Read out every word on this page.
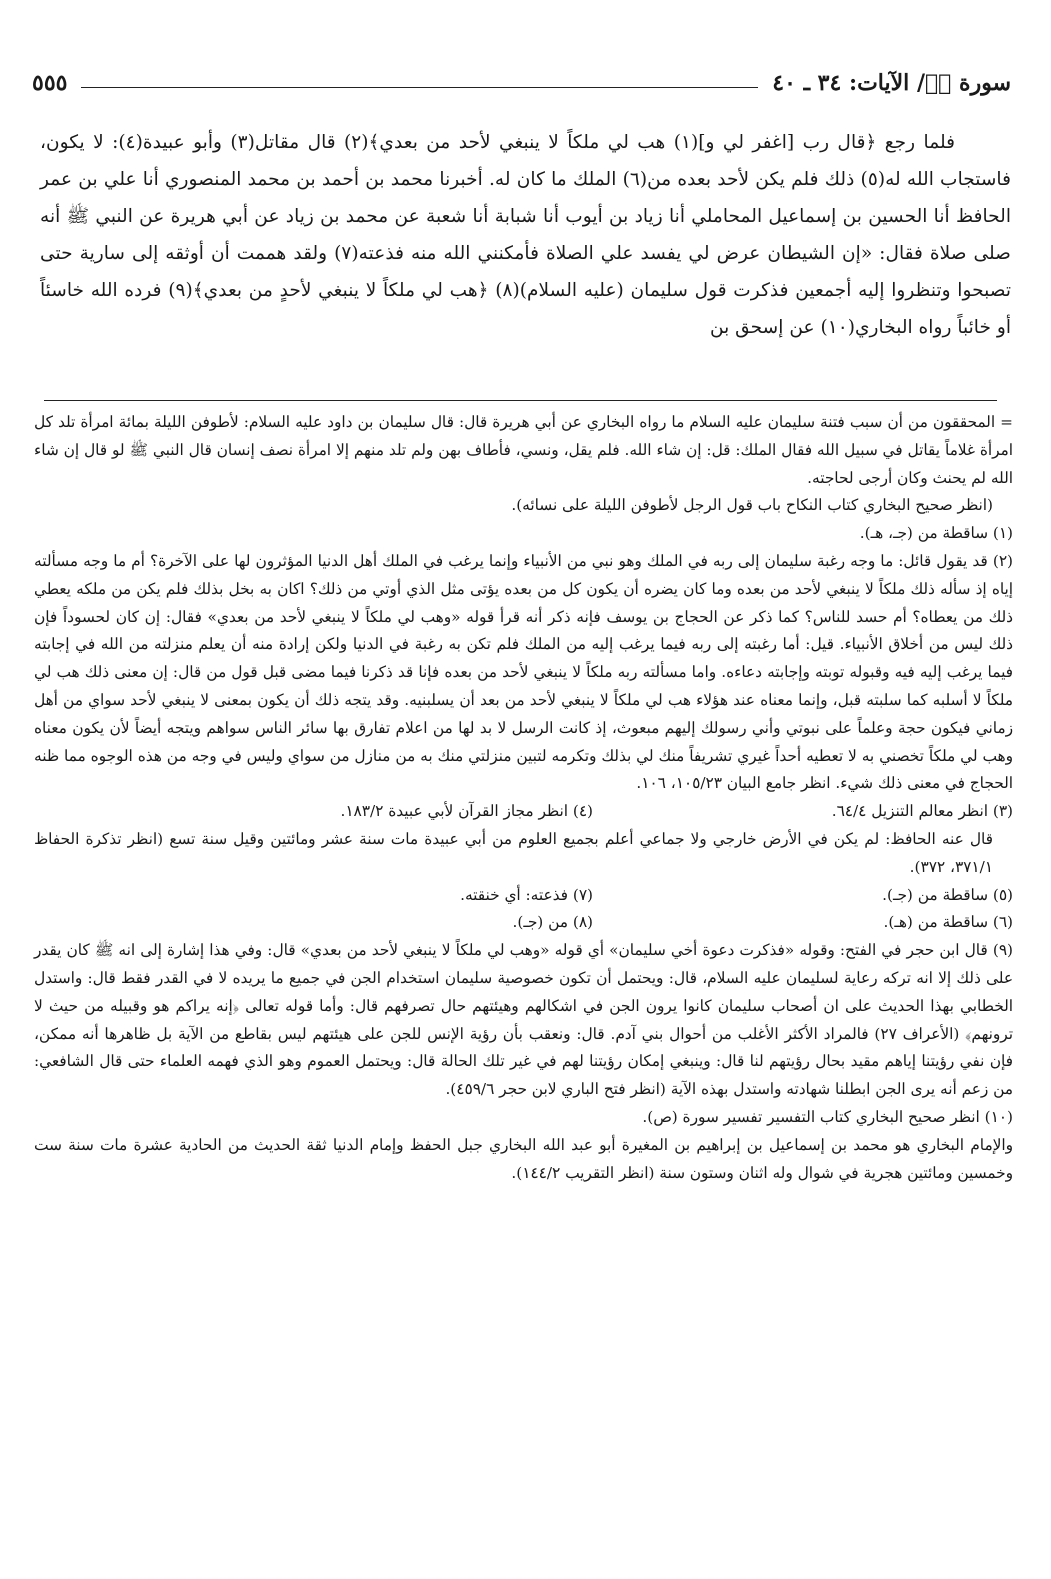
سورة صۤ/ الآيات: ٣٤ ـ ٤٠
٥٥٥

فلما رجع ﴿قال رب [اغفر لي و](١) هب لي ملكاً لا ينبغي لأحد من بعدي﴾(٢) قال مقاتل(٣) وأبو عبيدة(٤): لا يكون، فاستجاب الله له(٥) ذلك فلم يكن لأحد بعده من(٦) الملك ما كان له. أخبرنا محمد بن أحمد بن محمد المنصوري أنا علي بن عمر الحافظ أنا الحسين بن إسماعيل المحاملي أنا زياد بن أيوب أنا شبابة أنا شعبة عن محمد بن زياد عن أبي هريرة عن النبي ﷺ أنه صلى صلاة فقال: «إن الشيطان عرض لي يفسد علي الصلاة فأمكنني الله منه فذعته(٧) ولقد هممت أن أوثقه إلى سارية حتى تصبحوا وتنظروا إليه أجمعين فذكرت قول سليمان (عليه السلام)(٨) ﴿هب لي ملكاً لا ينبغي لأحدٍ من بعدي﴾(٩) فرده الله خاسئاً أو خائباً رواه البخاري(١٠) عن إسحق بن

= المحققون من أن سبب فتنة سليمان عليه السلام ما رواه البخاري عن أبي هريرة قال: قال سليمان بن داود عليه السلام: لأطوفن الليلة بمائة امرأة تلد كل امرأة غلاماً يقاتل في سبيل الله فقال الملك: قل: إن شاء الله. فلم يقل، ونسي، فأطاف بهن ولم تلد منهم إلا امرأة نصف إنسان قال النبي ﷺ لو قال إن شاء الله لم يحنث وكان أرجى لحاجته.

(انظر صحيح البخاري كتاب النكاح باب قول الرجل لأطوفن الليلة على نسائه).

(١) ساقطة من (جـ، هـ).

(٢) قد يقول قائل: ما وجه رغبة سليمان إلى ربه في الملك وهو نبي من الأنبياء وإنما يرغب في الملك أهل الدنيا المؤثرون لها على الآخرة؟ أم ما وجه مسألته إياه إذ سأله ذلك ملكاً لا ينبغي لأحد من بعده وما كان يضره أن يكون كل من بعده يؤتى مثل الذي أوتي من ذلك؟ اكان به بخل بذلك فلم يكن من ملكه يعطي ذلك من يعطاه؟ أم حسد للناس؟ كما ذكر عن الحجاج بن يوسف فإنه ذكر أنه قرأ قوله «وهب لي ملكاً لا ينبغي لأحد من بعدي» فقال: إن كان لحسوداً فإن ذلك ليس من أخلاق الأنبياء. قيل: أما رغبته إلى ربه فيما يرغب إليه من الملك فلم تكن به رغبة في الدنيا ولكن إرادة منه أن يعلم منزلته من الله في إجابته فيما يرغب إليه فيه وقبوله توبته وإجابته دعاءه. واما مسألته ربه ملكاً لا ينبغي لأحد من بعده فإنا قد ذكرنا فيما مضى قبل قول من قال: إن معنى ذلك هب لي ملكاً لا أسلبه كما سلبته قبل، وإنما معناه عند هؤلاء هب لي ملكاً لا ينبغي لأحد من بعد أن يسلبنيه. وقد يتجه ذلك أن يكون بمعنى لا ينبغي لأحد سواي من أهل زماني فيكون حجة وعلماً على نبوتي وأني رسولك إليهم مبعوث، إذ كانت الرسل لا بد لها من اعلام تفارق بها سائر الناس سواهم ويتجه أيضاً لأن يكون معناه وهب لي ملكاً تخصني به لا تعطيه أحداً غيري تشريفاً منك لي بذلك وتكرمه لتبين منزلتي منك به من منازل من سواي وليس في وجه من هذه الوجوه مما ظنه الحجاج في معنى ذلك شيء. انظر جامع البيان ١٠٥/٢٣، ١٠٦.

(٣) انظر معالم التنزيل ٦٤/٤.
(٤) انظر مجاز القرآن لأبي عبيدة ١٨٣/٢.

قال عنه الحافظ: لم يكن في الأرض خارجي ولا جماعي أعلم بجميع العلوم من أبي عبيدة مات سنة عشر ومائتين وقيل سنة تسع (انظر تذكرة الحفاظ ٣٧١/١، ٣٧٢).

(٥) ساقطة من (جـ).
(٧) فذعته: أي خنقته.
(٦) ساقطة من (هـ).
(٨) من (جـ).

(٩) قال ابن حجر في الفتح: وقوله «فذكرت دعوة أخي سليمان» أي قوله «وهب لي ملكاً لا ينبغي لأحد من بعدي» قال: وفي هذا إشارة إلى انه ﷺ كان يقدر على ذلك إلا انه تركه رعاية لسليمان عليه السلام، قال: ويحتمل أن تكون خصوصية سليمان استخدام الجن في جميع ما يريده لا في القدر فقط قال: واستدل الخطابي بهذا الحديث على ان أصحاب سليمان كانوا يرون الجن في اشكالهم وهيئتهم حال تصرفهم قال: وأما قوله تعالى ﴿إنه يراكم هو وقبيله من حيث لا ترونهم﴾ (الأعراف ٢٧) فالمراد الأكثر الأغلب من أحوال بني آدم. قال: ونعقب بأن رؤية الإنس للجن على هيئتهم ليس بقاطع من الآية بل ظاهرها أنه ممكن، فإن نفي رؤيتنا إياهم مقيد بحال رؤيتهم لنا قال: وينبغي إمكان رؤيتنا لهم في غير تلك الحالة قال: ويحتمل العموم وهو الذي فهمه العلماء حتى قال الشافعي: من زعم أنه يرى الجن ابطلنا شهادته واستدل بهذه الآية (انظر فتح الباري لابن حجر ٤٥٩/٦).

(١٠) انظر صحيح البخاري كتاب التفسير تفسير سورة (ص).

والإمام البخاري هو محمد بن إسماعيل بن إبراهيم بن المغيرة أبو عبد الله البخاري جبل الحفظ وإمام الدنيا ثقة الحديث من الحادية عشرة مات سنة ست وخمسين ومائتين هجرية في شوال وله اثنان وستون سنة (انظر التقريب ١٤٤/٢).
